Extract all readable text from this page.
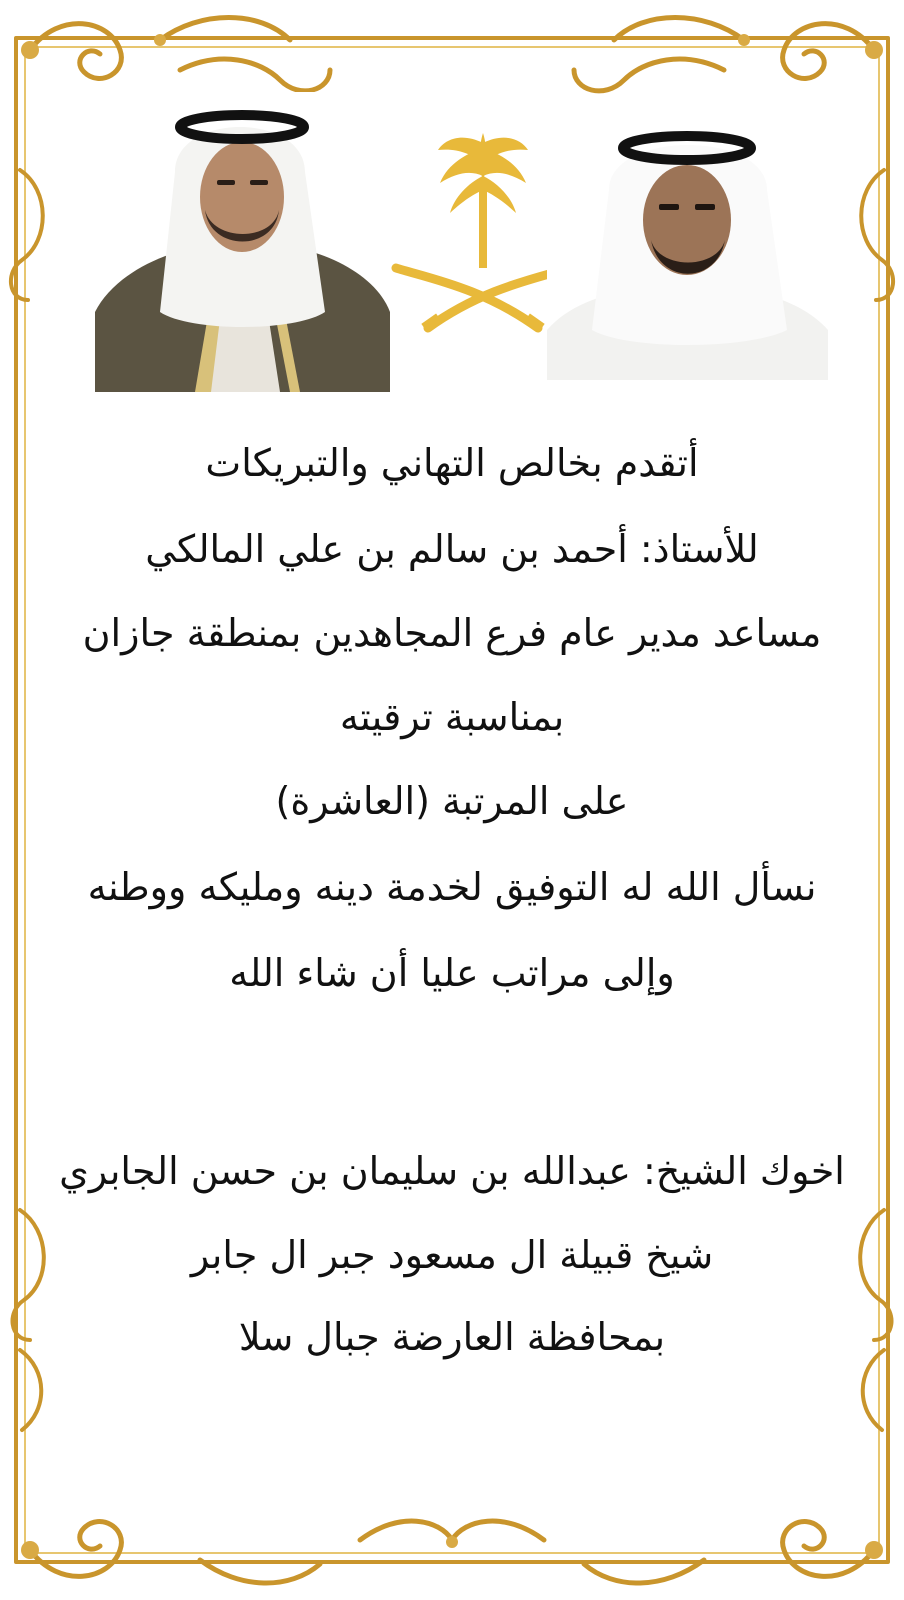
أتقدم بخالص التهاني والتبريكات
للأستاذ: أحمد بن سالم بن علي المالكي
مساعد مدير عام فرع المجاهدين بمنطقة جازان
بمناسبة ترقيته
على المرتبة (العاشرة)
نسأل الله له التوفيق لخدمة دينه ومليكه ووطنه
وإلى مراتب عليا أن شاء الله
اخوك الشيخ: عبدالله بن سليمان بن حسن الجابري
شيخ قبيلة ال مسعود جبر ال جابر
بمحافظة العارضة جبال سلا
